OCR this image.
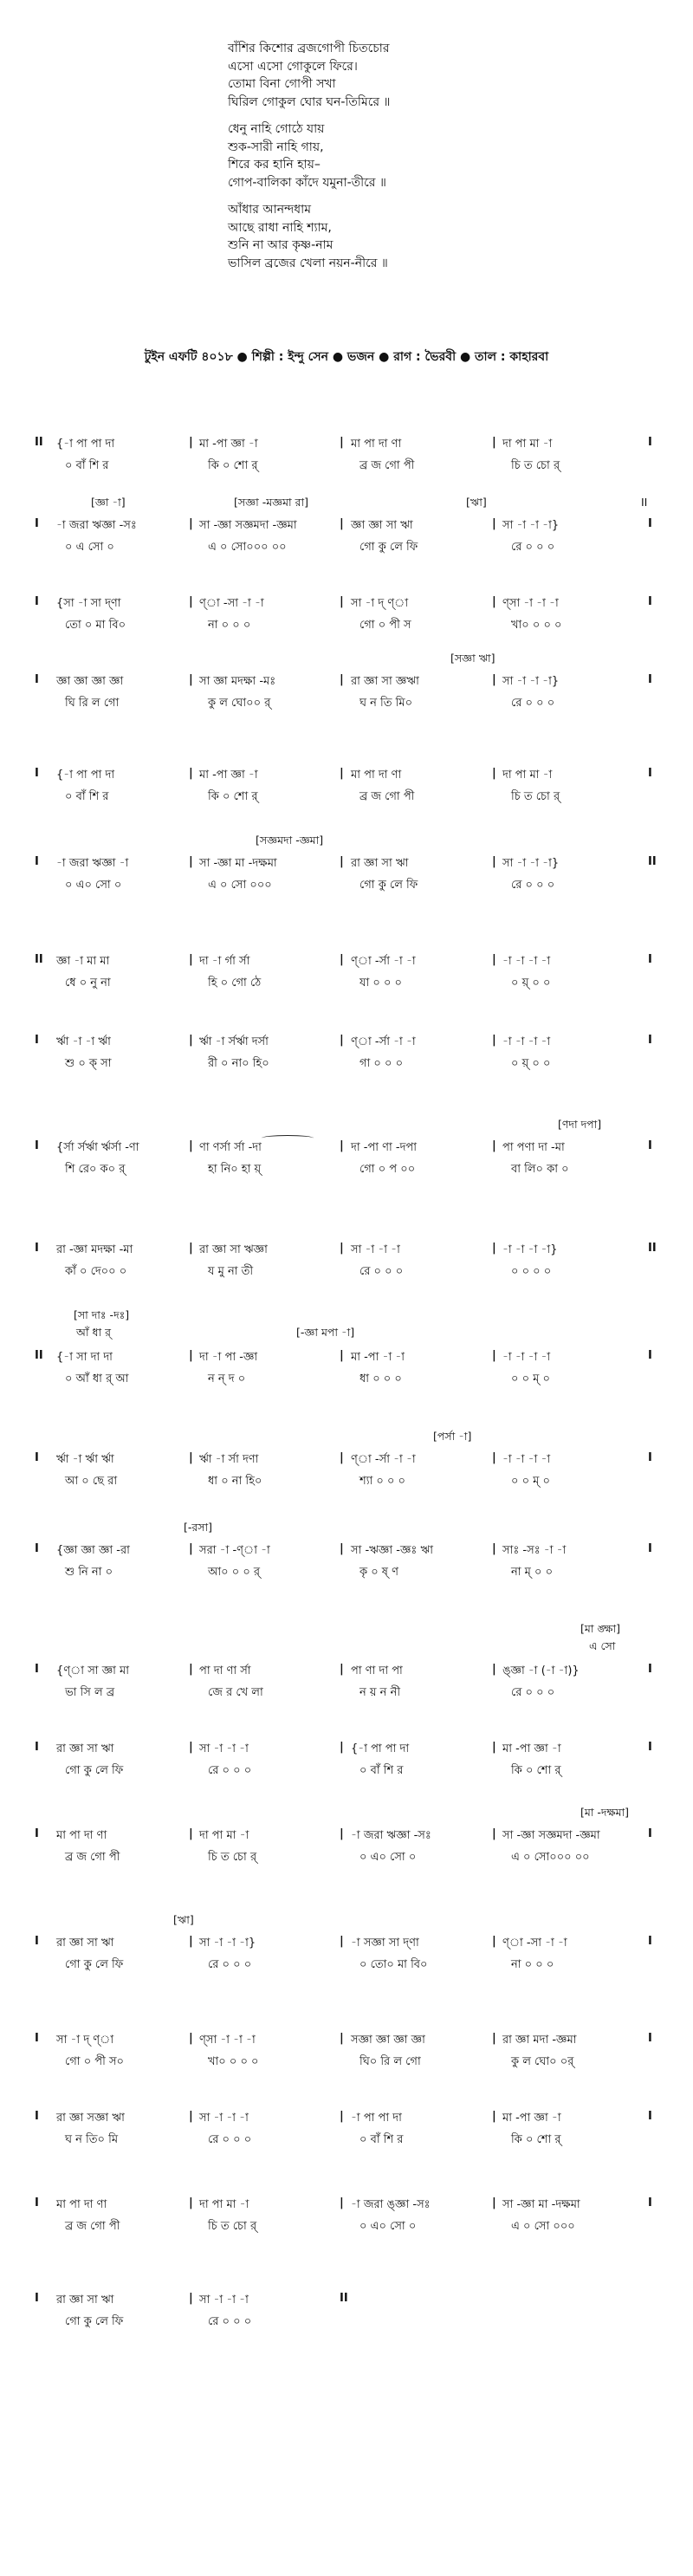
বাঁশির কিশোর ব্রজগোপী চিতচোর
এসো এসো গোকুলে ফিরে।
তোমা বিনা গোপী সখা
ঘিরিল গোকুল ঘোর ঘন-তিমিরে ॥
ধেনু নাহি গোঠে যায়
শুক-সারী নাহি গায়,
শিরে কর হানি হায়–
গোপ-বালিকা কাঁদে যমুনা-তীরে ॥
আঁধার আনন্দধাম
আছে রাধা নাহি শ্যাম,
শুনি না আর কৃষ্ণ-নাম
ভাসিল ব্রজের খেলা নয়ন-নীরে ॥
টুইন এফটি ৪০১৮ ● শিল্পী : ইন্দু সেন ● ভজন ● রাগ : ভৈরবী ● তাল : কাহারবা
II {-া পা পা দা	| মা -পা জ্ঞা -া	| মা পা দা ণা	| দা পা মা -া	I
০ বাঁ শি র	কি ০ শো র্	ব্র জ গো পী	চি ত চো র্
[জ্ঞা -া]	[সজ্ঞা -মজ্ঞমা রা]	[ঋা]	II
I -া জরা ঋজ্ঞা -সঃ	| সা -জ্ঞা সজ্ঞমদা -জ্ঞমা	| জ্ঞা জ্ঞা সা ঋা	| সা -া -া -া}	I
০ এ সো ০	এ ০ সো০০০ ০০	গো কু লে ফি	রে ০ ০ ০
I {সা -া সা দ্ণা	| ণ্া -সা -া -া	| সা -া দ্ ণ্া	| ণ্সা -া -া -া	I
তো ০ মা বি০	না ০ ০ ০	গো ০ পী স	খা০ ০ ০ ০
[সজ্ঞা ঋা]
I জ্ঞা জ্ঞা জ্ঞা জ্ঞা	| সা জ্ঞা মদক্ষা -মঃ	| রা জ্ঞা সা জ্ঞঋা	| সা -া -া -া}	I
ঘি রি ল গো	কু ল ঘো০০ র্	ঘ ন তি মি০	রে ০ ০ ০
I {-া পা পা দা	| মা -পা জ্ঞা -া	| মা পা দা ণা	| দা পা মা -া	I
০ বাঁ শি র	কি ০ শো র্	ব্র জ গো পী	চি ত চো র্
[সজ্ঞমদা -জ্ঞমা]
I -া জরা ঋজ্ঞা -া	| সা -জ্ঞা মা -দক্ষমা	| রা জ্ঞা সা ঋা	| সা -া -া -া}	II
০ এ০ সো ০	এ ০ সো ০০০	গো কু লে ফি	রে ০ ০ ০
II জ্ঞা -া মা মা	| দা -া র্গা র্সা	| ণ্া -র্সা -া -া	| -া -া -া -া	I
ধে ০ নু না	হি ০ গো ঠে	যা ০ ০ ০	০ য়্ ০ ০
I র্ঋা -া -া র্ঋা	| র্ঋা -া র্সর্ঋা দর্সা	| ণ্া -র্সা -া -া	| -া -া -া -া	I
শু ০ ক্ সা	রী ০ না০ হি০	গা ০ ০ ০	০ য়্ ০ ০
[ণদা দপা]
I {র্সা র্সর্ঋা র্ঋর্সা -ণা	| ণা ণর্সা র্সা -দা	| দা -পা ণা -দপা	| পা পণা দা -মা	I
শি রে০ ক০ র্	হা নি০ হা য়্	গো ০ প ০০	বা লি০ কা ০
I রা -জ্ঞা মদক্ষা -মা	| রা জ্ঞা সা ঋজ্ঞা	| সা -া -া -া	| -া -া -া -া}	II
কাঁ ০ দে০০ ০	য মু না তী	রে ০ ০ ০	০ ০ ০ ০
[সা দাঃ -দঃ]
আঁ ধা র্	[-জ্ঞা মপা -া]
II {-া সা দা দা	| দা -া পা -জ্ঞা	| মা -পা -া -া	| -া -া -া -া	I
০ আঁ ধা র্ আ	ন ন্ দ ০	ধা ০ ০ ০	০ ০ ম্ ০
[পর্সা -া]
I র্ঋা -া র্ঋা র্ঋা	| র্ঋা -া র্সা দণা	| ণ্া -র্সা -া -া	| -া -া -া -া	I
আ ০ ছে রা	ধা ০ না হি০	শ্যা ০ ০ ০	০ ০ ম্ ০
[-রসা]
I {জ্ঞা জ্ঞা জ্ঞা -রা	| সরা -া -ণ্া -া	| সা -ঋজ্ঞা -জ্ঞঃ ঋা	| সাঃ -সঃ -া -া	I
শু নি না ০	আ০ ০ ০ র্	কৃ ০ ষ্ ণ	না ম্ ০ ০
[মা ঙ্ক্ষা]
এ সো
I {ণ্া সা জ্ঞা মা	| পা দা ণা র্সা	| পা ণা দা পা	| ঙ্জ্ঞা -া (-া -া)}	I
ভা সি ল ব্র	জে র খে লা	ন য় ন নী	রে ০ ০ ০
I রা জ্ঞা সা ঋা	| সা -া -া -া	| {-া পা পা দা	| মা -পা জ্ঞা -া	I
গো কু লে ফি	রে ০ ০ ০	০ বাঁ শি র	কি ০ শো র্
[মা -দক্ষমা]
I মা পা দা ণা	| দা পা মা -া	| -া জরা ঋজ্ঞা -সঃ	| সা -জ্ঞা সজ্ঞমদা -জ্ঞমা	I
ব্র জ গো পী	চি ত চো র্	০ এ০ সো ০	এ ০ সো০০০ ০০
[ঋা]
I রা জ্ঞা সা ঋা	| সা -া -া -া}	| -া সজ্ঞা সা দ্ণা	| ণ্া -সা -া -া	I
গো কু লে ফি	রে ০ ০ ০	০ তো০ মা বি০	না ০ ০ ০
I সা -া দ্ ণ্া	| ণ্সা -া -া -া	| সজ্ঞা জ্ঞা জ্ঞা জ্ঞা	| রা জ্ঞা মদা -জ্ঞমা	I
গো ০ পী স০	খা০ ০ ০ ০	ঘি০ রি ল গো	কু ল ঘো০ ০র্
I রা জ্ঞা সজ্ঞা ঋা	| সা -া -া -া	| -া পা পা দা	| মা -পা জ্ঞা -া	I
ঘ ন তি০ মি	রে ০ ০ ০	০ বাঁ শি র	কি ০ শো র্
I মা পা দা ণা	| দা পা মা -া	| -া জরা ঙ্জ্ঞা -সঃ	| সা -জ্ঞা মা -দক্ষমা	I
ব্র জ গো পী	চি ত চো র্	০ এ০ সো ০	এ ০ সো ০০০
I রা জ্ঞা সা ঋা	| সা -া -া -া	II
গো কু লে ফি	রে ০ ০ ০
